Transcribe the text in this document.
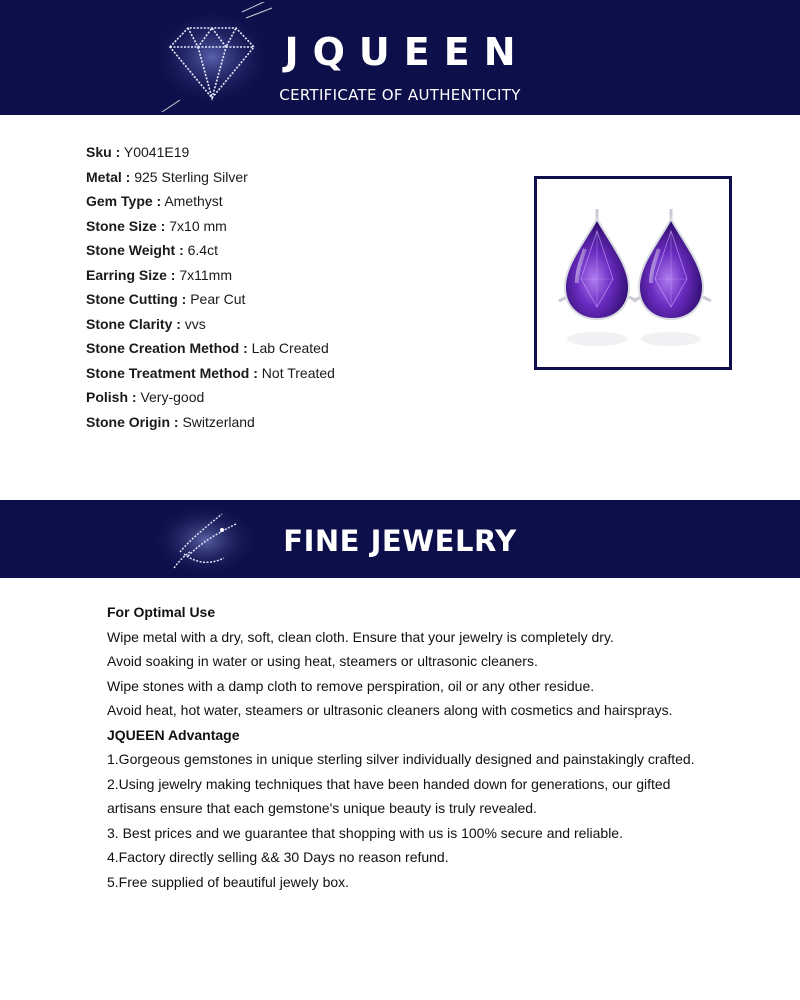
JQUEEN
CERTIFICATE OF AUTHENTICITY
Sku : Y0041E19
Metal : 925 Sterling Silver
Gem Type : Amethyst
Stone Size : 7x10 mm
Stone Weight : 6.4ct
Earring Size : 7x11mm
Stone Cutting : Pear Cut
Stone Clarity : vvs
Stone Creation Method : Lab Created
Stone Treatment Method : Not Treated
Polish : Very-good
Stone Origin : Switzerland
FINE JEWELRY
For Optimal Use
Wipe metal with a dry, soft, clean cloth. Ensure that your jewelry is completely dry.
Avoid soaking in water or using heat, steamers or ultrasonic cleaners.
Wipe stones with a damp cloth to remove perspiration, oil or any other residue.
Avoid heat, hot water, steamers or ultrasonic cleaners along with cosmetics and hairsprays.
JQUEEN Advantage
1.Gorgeous gemstones in unique sterling silver individually designed and painstakingly crafted.
2.Using jewelry making techniques that have been handed down for generations, our gifted
artisans ensure that each gemstone's unique beauty is truly revealed.
3. Best prices and we guarantee that shopping with us is 100% secure and reliable.
4.Factory directly selling && 30 Days no reason refund.
5.Free supplied of beautiful jewely box.
